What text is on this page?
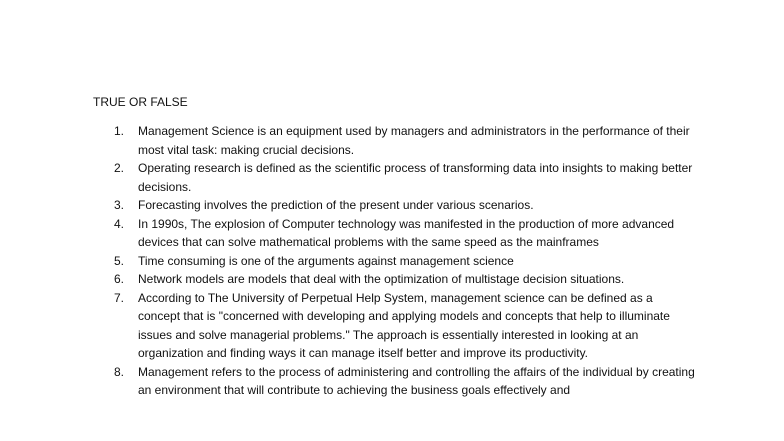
TRUE OR FALSE
1.	Management Science is an equipment used by managers and administrators in the performance of their most vital task: making crucial decisions.
2.	Operating research is defined as the scientific process of transforming data into insights to making better decisions.
3.	Forecasting involves the prediction of the present under various scenarios.
4.	In 1990s, The explosion of Computer technology was manifested in the production of more advanced devices that can solve mathematical problems with the same speed as the mainframes
5.	Time consuming is one of the arguments against management science
6.	Network models are models that deal with the optimization of multistage decision situations.
7.	According to The University of Perpetual Help System, management science can be defined as a concept that is "concerned with developing and applying models and concepts that help to illuminate issues and solve managerial problems." The approach is essentially interested in looking at an organization and finding ways it can manage itself better and improve its productivity.
8.	Management refers to the process of administering and controlling the affairs of the individual by creating an environment that will contribute to achieving the business goals effectively and
